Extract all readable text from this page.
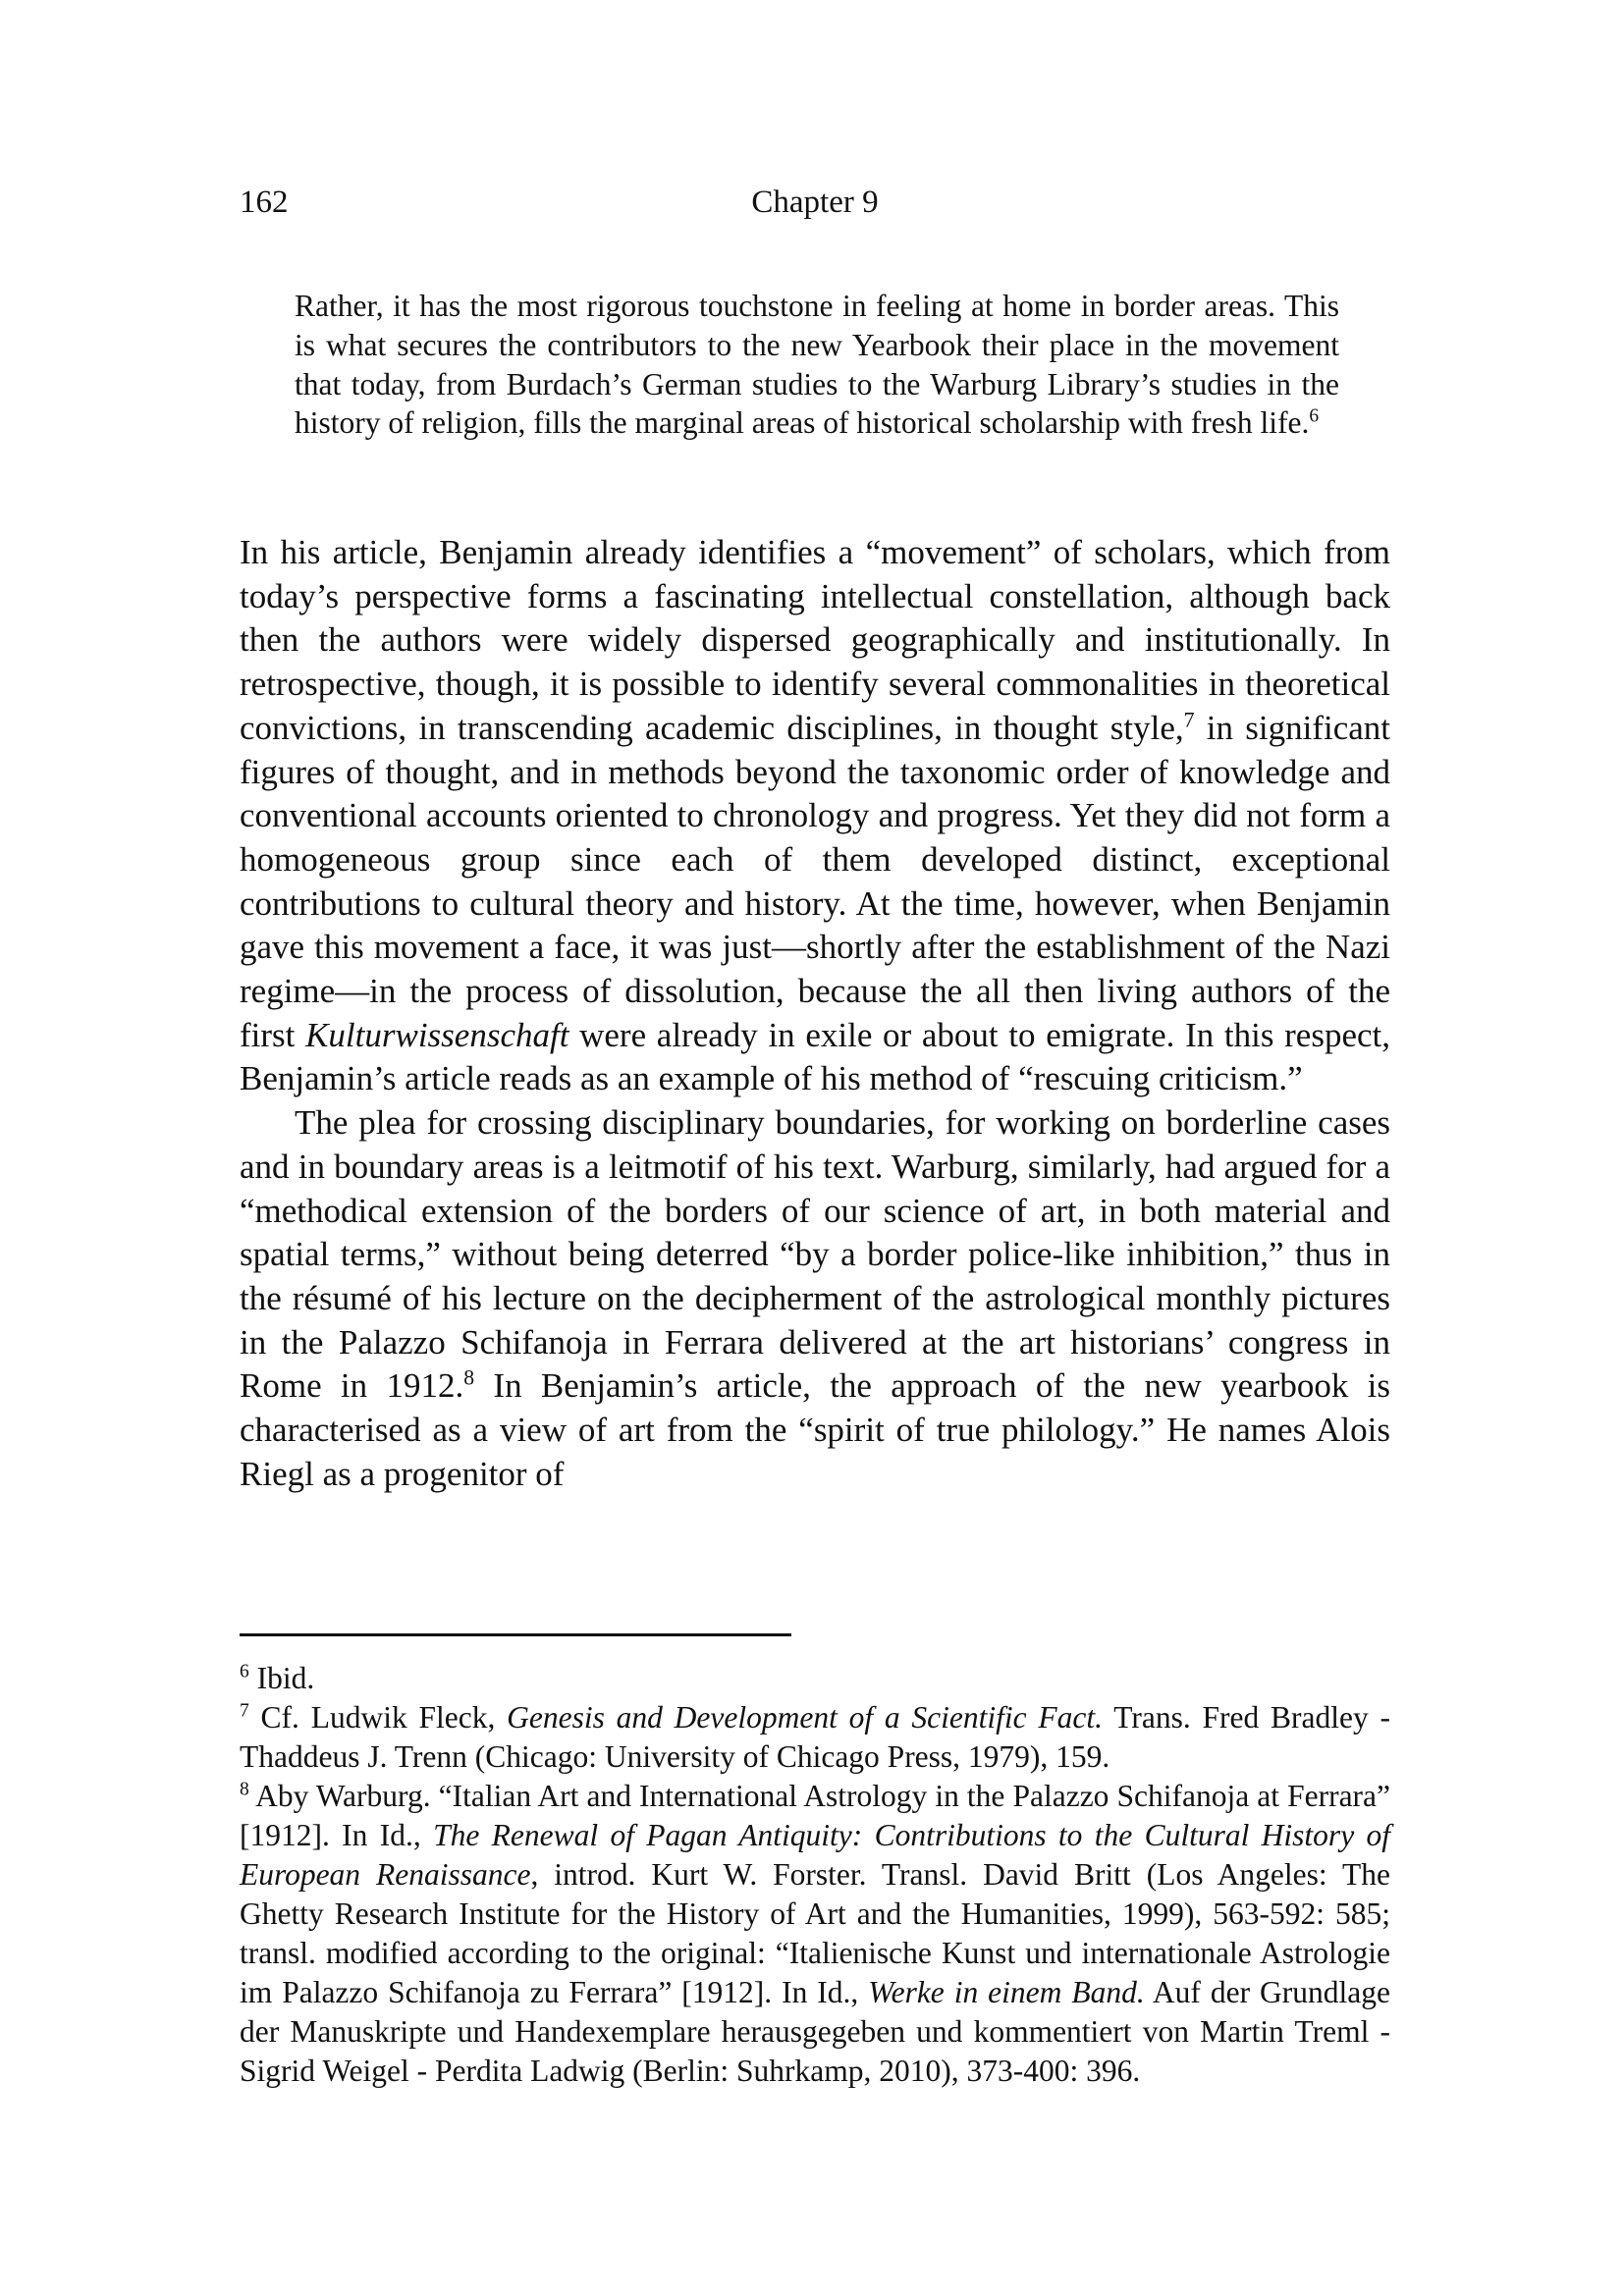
162	Chapter 9
Rather, it has the most rigorous touchstone in feeling at home in border areas. This is what secures the contributors to the new Yearbook their place in the movement that today, from Burdach’s German studies to the Warburg Library’s studies in the history of religion, fills the marginal areas of historical scholarship with fresh life.$^6$

In his article, Benjamin already identifies a “movement” of scholars, which from today’s perspective forms a fascinating intellectual constellation, although back then the authors were widely dispersed geographically and institutionally. In retrospective, though, it is possible to identify several commonalities in theoretical convictions, in transcending academic disciplines, in thought style,$^7$ in significant figures of thought, and in methods beyond the taxonomic order of knowledge and conventional accounts oriented to chronology and progress. Yet they did not form a homogeneous group since each of them developed distinct, exceptional contributions to cultural theory and history. At the time, however, when Benjamin gave this movement a face, it was just—shortly after the establishment of the Nazi regime—in the process of dissolution, because the all then living authors of the first Kulturwissenschaft were already in exile or about to emigrate. In this respect, Benjamin’s article reads as an example of his method of “rescuing criticism.”

The plea for crossing disciplinary boundaries, for working on borderline cases and in boundary areas is a leitmotif of his text. Warburg, similarly, had argued for a “methodical extension of the borders of our science of art, in both material and spatial terms,” without being deterred “by a border police-like inhibition,” thus in the résumé of his lecture on the decipherment of the astrological monthly pictures in the Palazzo Schifanoja in Ferrara delivered at the art historians’ congress in Rome in 1912.$^8$ In Benjamin’s article, the approach of the new yearbook is characterised as a view of art from the “spirit of true philology.” He names Alois Riegl as a progenitor of

$^6$ Ibid.

$^7$ Cf. Ludwik Fleck, Genesis and Development of a Scientific Fact. Trans. Fred Bradley - Thaddeus J. Trenn (Chicago: University of Chicago Press, 1979), 159.

$^8$ Aby Warburg. “Italian Art and International Astrology in the Palazzo Schifanoja at Ferrara” [1912]. In Id., The Renewal of Pagan Antiquity: Contributions to the Cultural History of European Renaissance, introd. Kurt W. Forster. Transl. David Britt (Los Angeles: The Ghetty Research Institute for the History of Art and the Humanities, 1999), 563-592: 585; transl. modified according to the original: “Italienische Kunst und internationale Astrologie im Palazzo Schifanoja zu Ferrara” [1912]. In Id., Werke in einem Band. Auf der Grundlage der Manuskripte und Handexemplare herausgegeben und kommentiert von Martin Treml - Sigrid Weigel - Perdita Ladwig (Berlin: Suhrkamp, 2010), 373-400: 396.
